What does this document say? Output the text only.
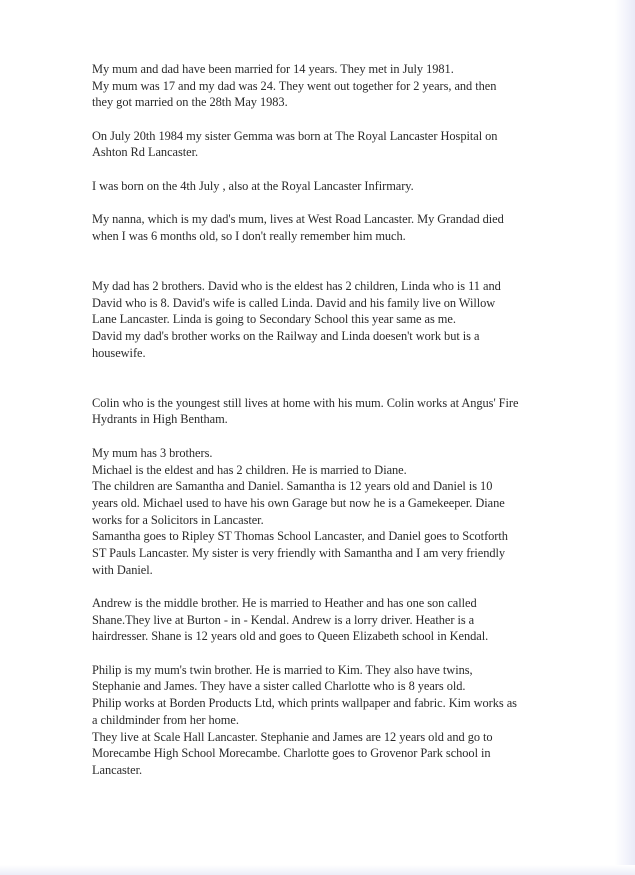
My mum and dad have been married for 14 years. They met in July 1981.
My mum was 17 and my dad was 24. They went out together for 2 years, and then
they got married on the 28th May 1983.
On July 20th 1984 my sister Gemma was born at The Royal Lancaster Hospital on
Ashton Rd Lancaster.
I was born on the 4th July , also at the Royal Lancaster Infirmary.
My nanna, which is my dad's mum, lives at West Road Lancaster. My Grandad died
when I was 6 months old, so I don't really remember him much.
My dad has 2 brothers. David who is the eldest has 2 children, Linda who is 11 and
David who is 8. David's wife is called Linda. David and his family live on Willow
Lane Lancaster. Linda is going to Secondary School this year same as me.
David my dad's brother works on the Railway and Linda doesen't work but is a
housewife.
Colin who is the youngest still lives at home with his mum. Colin works at Angus' Fire
Hydrants in High Bentham.
My mum has 3 brothers.
Michael is the eldest and has 2 children. He is married to Diane.
The children are Samantha and Daniel. Samantha is 12 years old and Daniel is 10
years old. Michael used to have his own Garage but now he is a Gamekeeper. Diane
works for a Solicitors in Lancaster.
Samantha goes to Ripley ST Thomas School Lancaster, and Daniel goes to Scotforth
ST Pauls Lancaster. My sister is very friendly with Samantha and I am very friendly
with Daniel.
Andrew is the middle brother. He is married to Heather and has one son called
Shane.They live at Burton - in - Kendal. Andrew is a lorry driver. Heather is a
hairdresser. Shane is 12 years old and goes to Queen Elizabeth school in Kendal.
Philip is my mum's twin brother. He is married to Kim. They also have twins,
Stephanie and James. They have a sister called Charlotte who is 8 years old.
Philip works at Borden Products Ltd, which prints wallpaper and fabric. Kim works as
a childminder from her home.
They live at Scale Hall Lancaster. Stephanie and James are 12 years old and go to
Morecambe High School Morecambe. Charlotte goes to Grovenor Park school in
Lancaster.
